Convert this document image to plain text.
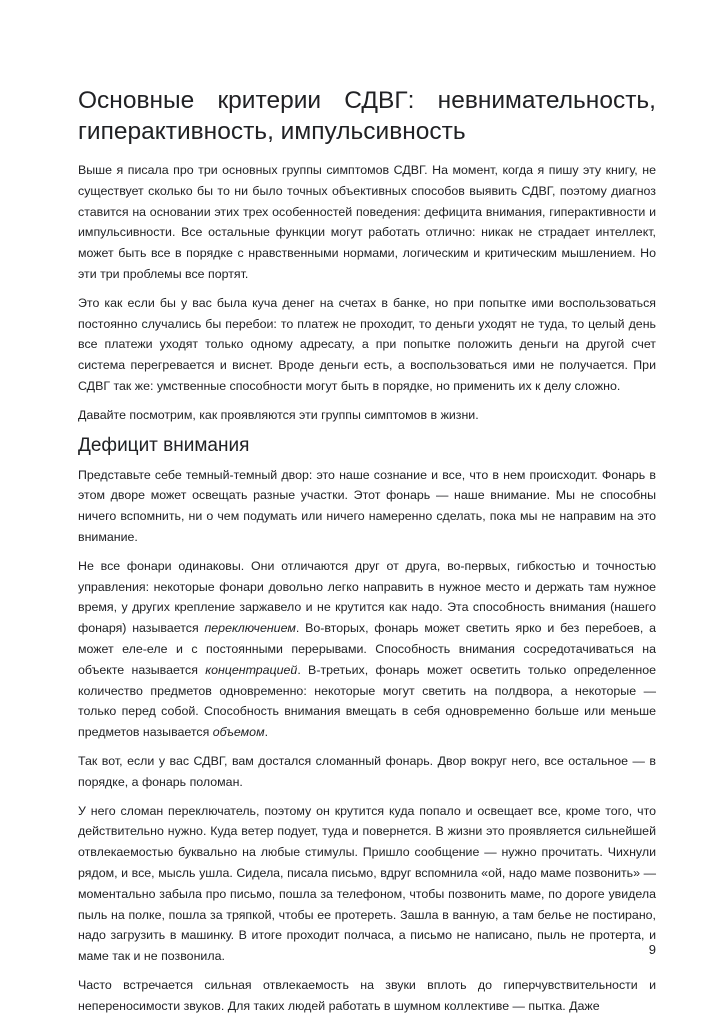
Основные критерии СДВГ: невнимательность, гиперактивность, импульсивность

Выше я писала про три основных группы симптомов СДВГ. На момент, когда я пишу эту книгу, не существует сколько бы то ни было точных объективных способов выявить СДВГ, поэтому диагноз ставится на основании этих трех особенностей поведения: дефицита внимания, гиперактивности и импульсивности. Все остальные функции могут работать отлично: никак не страдает интеллект, может быть все в порядке с нравственными нормами, логическим и критическим мышлением. Но эти три проблемы все портят.

Это как если бы у вас была куча денег на счетах в банке, но при попытке ими воспользоваться постоянно случались бы перебои: то платеж не проходит, то деньги уходят не туда, то целый день все платежи уходят только одному адресату, а при попытке положить деньги на другой счет система перегревается и виснет. Вроде деньги есть, а воспользоваться ими не получается. При СДВГ так же: умственные способности могут быть в порядке, но применить их к делу сложно.

Давайте посмотрим, как проявляются эти группы симптомов в жизни.

Дефицит внимания

Представьте себе темный-темный двор: это наше сознание и все, что в нем происходит. Фонарь в этом дворе может освещать разные участки. Этот фонарь — наше внимание. Мы не способны ничего вспомнить, ни о чем подумать или ничего намеренно сделать, пока мы не направим на это внимание.

Не все фонари одинаковы. Они отличаются друг от друга, во-первых, гибкостью и точностью управления: некоторые фонари довольно легко направить в нужное место и держать там нужное время, у других крепление заржавело и не крутится как надо. Эта способность внимания (нашего фонаря) называется переключением. Во-вторых, фонарь может светить ярко и без перебоев, а может еле-еле и с постоянными перерывами. Способность внимания сосредотачиваться на объекте называется концентрацией. В-третьих, фонарь может осветить только определенное количество предметов одновременно: некоторые могут светить на полдвора, а некоторые — только перед собой. Способность внимания вмещать в себя одновременно больше или меньше предметов называется объемом.

Так вот, если у вас СДВГ, вам достался сломанный фонарь. Двор вокруг него, все остальное — в порядке, а фонарь поломан.

У него сломан переключатель, поэтому он крутится куда попало и освещает все, кроме того, что действительно нужно. Куда ветер подует, туда и повернется. В жизни это проявляется сильнейшей отвлекаемостью буквально на любые стимулы. Пришло сообщение — нужно прочитать. Чихнули рядом, и все, мысль ушла. Сидела, писала письмо, вдруг вспомнила «ой, надо маме позвонить» — моментально забыла про письмо, пошла за телефоном, чтобы позвонить маме, по дороге увидела пыль на полке, пошла за тряпкой, чтобы ее протереть. Зашла в ванную, а там белье не постирано, надо загрузить в машинку. В итоге проходит полчаса, а письмо не написано, пыль не протерта, и маме так и не позвонила.

Часто встречается сильная отвлекаемость на звуки вплоть до гиперчувствительности и непереносимости звуков. Для таких людей работать в шумном коллективе — пытка. Даже

9
